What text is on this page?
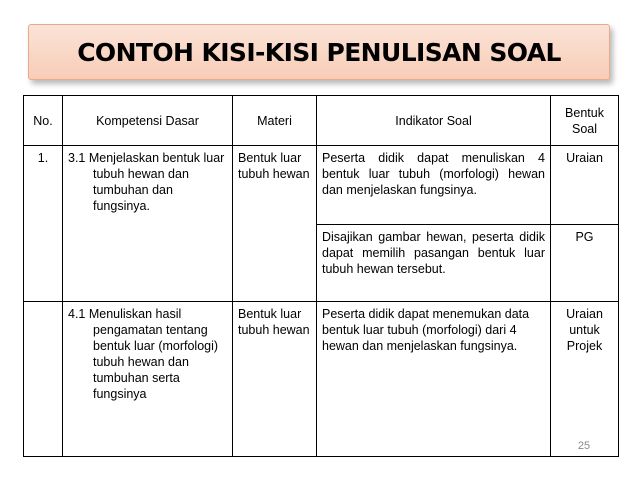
CONTOH KISI-KISI PENULISAN SOAL
No.	Kompetensi Dasar	Materi	Indikator Soal	Bentuk Soal
1.	3.1 Menjelaskan bentuk luar tubuh hewan dan tumbuhan dan fungsinya.	Bentuk luar tubuh hewan	Peserta didik dapat menuliskan 4 bentuk luar tubuh (morfologi) hewan dan menjelaskan fungsinya.	Uraian
			Disajikan gambar hewan, peserta didik dapat memilih pasangan bentuk luar tubuh hewan tersebut.	PG
	4.1 Menuliskan hasil pengamatan tentang bentuk luar (morfologi) tubuh hewan dan tumbuhan serta fungsinya	Bentuk luar tubuh hewan	Peserta didik dapat menemukan data bentuk luar tubuh (morfologi) dari 4 hewan dan menjelaskan fungsinya.	Uraian untuk Projek
25
